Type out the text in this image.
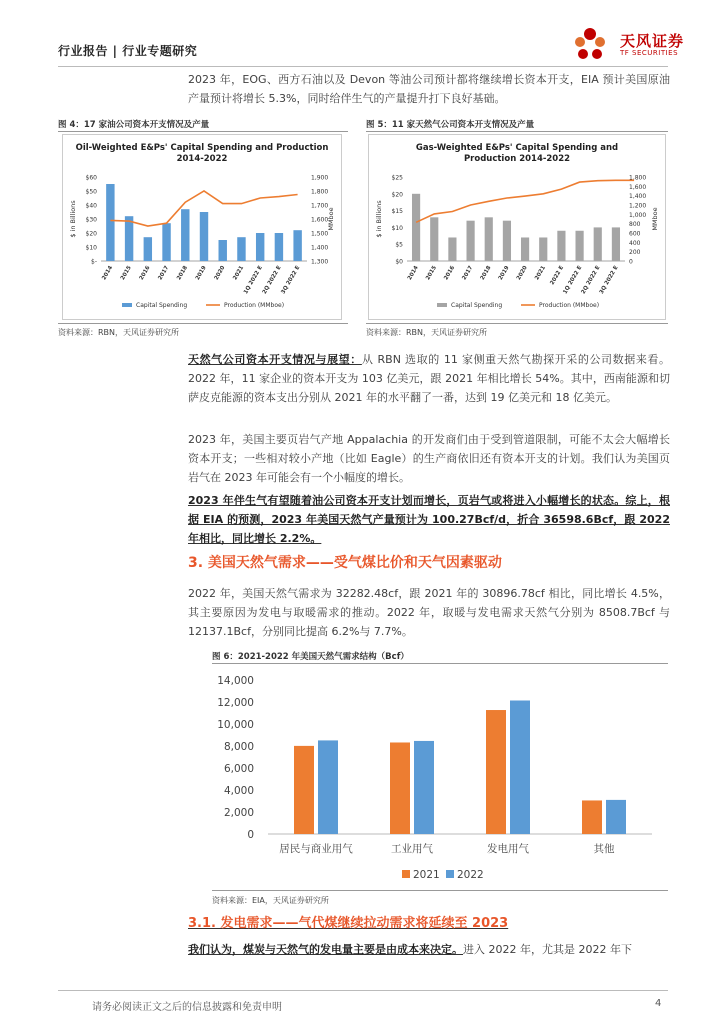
行业报告 | 行业专题研究
天风证券
TF SECURITIES
2023 年，EOG、西方石油以及 Devon 等油公司预计都将继续增长资本开支，EIA 预计美国原油产量预计将增长 5.3%，同时给伴生气的产量提升打下良好基础。
图 4：17 家油公司资本开支情况及产量
Oil-Weighted E&Ps' Capital Spending and Production
2014-2022
$-
$10
$20
$30
$40
$50
$60
1,300
1,400
1,500
1,600
1,700
1,800
1,900
$ in Billions	MMboe
2014 2015 2016 2017 2018 2019 2020 2021
1Q 2022 E
2Q 2022 E
3Q 2022 E
Capital Spending	Production (MMboe)
资料来源：RBN，天风证券研究所
图 5：11 家天然气公司资本开支情况及产量
Gas-Weighted E&Ps' Capital Spending and
Production 2014-2022
$0
$5
$10
$15
$20
$25
0
200
400
600
800
1,000
1,200
1,400
1,600
1,800
$ in Billions	MMboe
2014 2015 2016 2017 2018 2019 2020 2021 2022 E
1Q 2022 E
2Q 2022 E
3Q 2022 E
Capital Spending	Production (MMboe)
资料来源：RBN，天风证券研究所
天然气公司资本开支情况与展望：从 RBN 选取的 11 家侧重天然气勘探开采的公司数据来看。2022 年，11 家企业的资本开支为 103 亿美元，跟 2021 年相比增长 54%。其中，西南能源和切萨皮克能源的资本支出分别从 2021 年的水平翻了一番，达到 19 亿美元和 18 亿美元。
2023 年，美国主要页岩气产地 Appalachia 的开发商们由于受到管道限制，可能不太会大幅增长资本开支；一些相对较小产地（比如 Eagle）的生产商依旧还有资本开支的计划。我们认为美国页岩气在 2023 年可能会有一个小幅度的增长。
2023 年伴生气有望随着油公司资本开支计划而增长，页岩气或将进入小幅增长的状态。综上，根据 EIA 的预测，2023 年美国天然气产量预计为 100.27Bcf/d，折合 36598.6Bcf，跟 2022 年相比，同比增长 2.2%。
3. 美国天然气需求——受气煤比价和天气因素驱动
2022 年，美国天然气需求为 32282.48cf，跟 2021 年的 30896.78cf 相比，同比增长 4.5%，其主要原因为发电与取暖需求的推动。2022 年，取暖与发电需求天然气分别为 8508.7Bcf 与 12137.1Bcf，分别同比提高 6.2%与 7.7%。
图 6：2021-2022 年美国天然气需求结构（Bcf）
0
2,000
4,000
6,000
8,000
10,000
12,000
14,000
居民与商业用气	工业用气	发电用气	其他
2021 2022
资料来源：EIA，天风证券研究所
3.1. 发电需求——气代煤继续拉动需求将延续至 2023
我们认为，煤炭与天然气的发电量主要是由成本来决定。进入 2022 年，尤其是 2022 年下
请务必阅读正文之后的信息披露和免责申明	4
